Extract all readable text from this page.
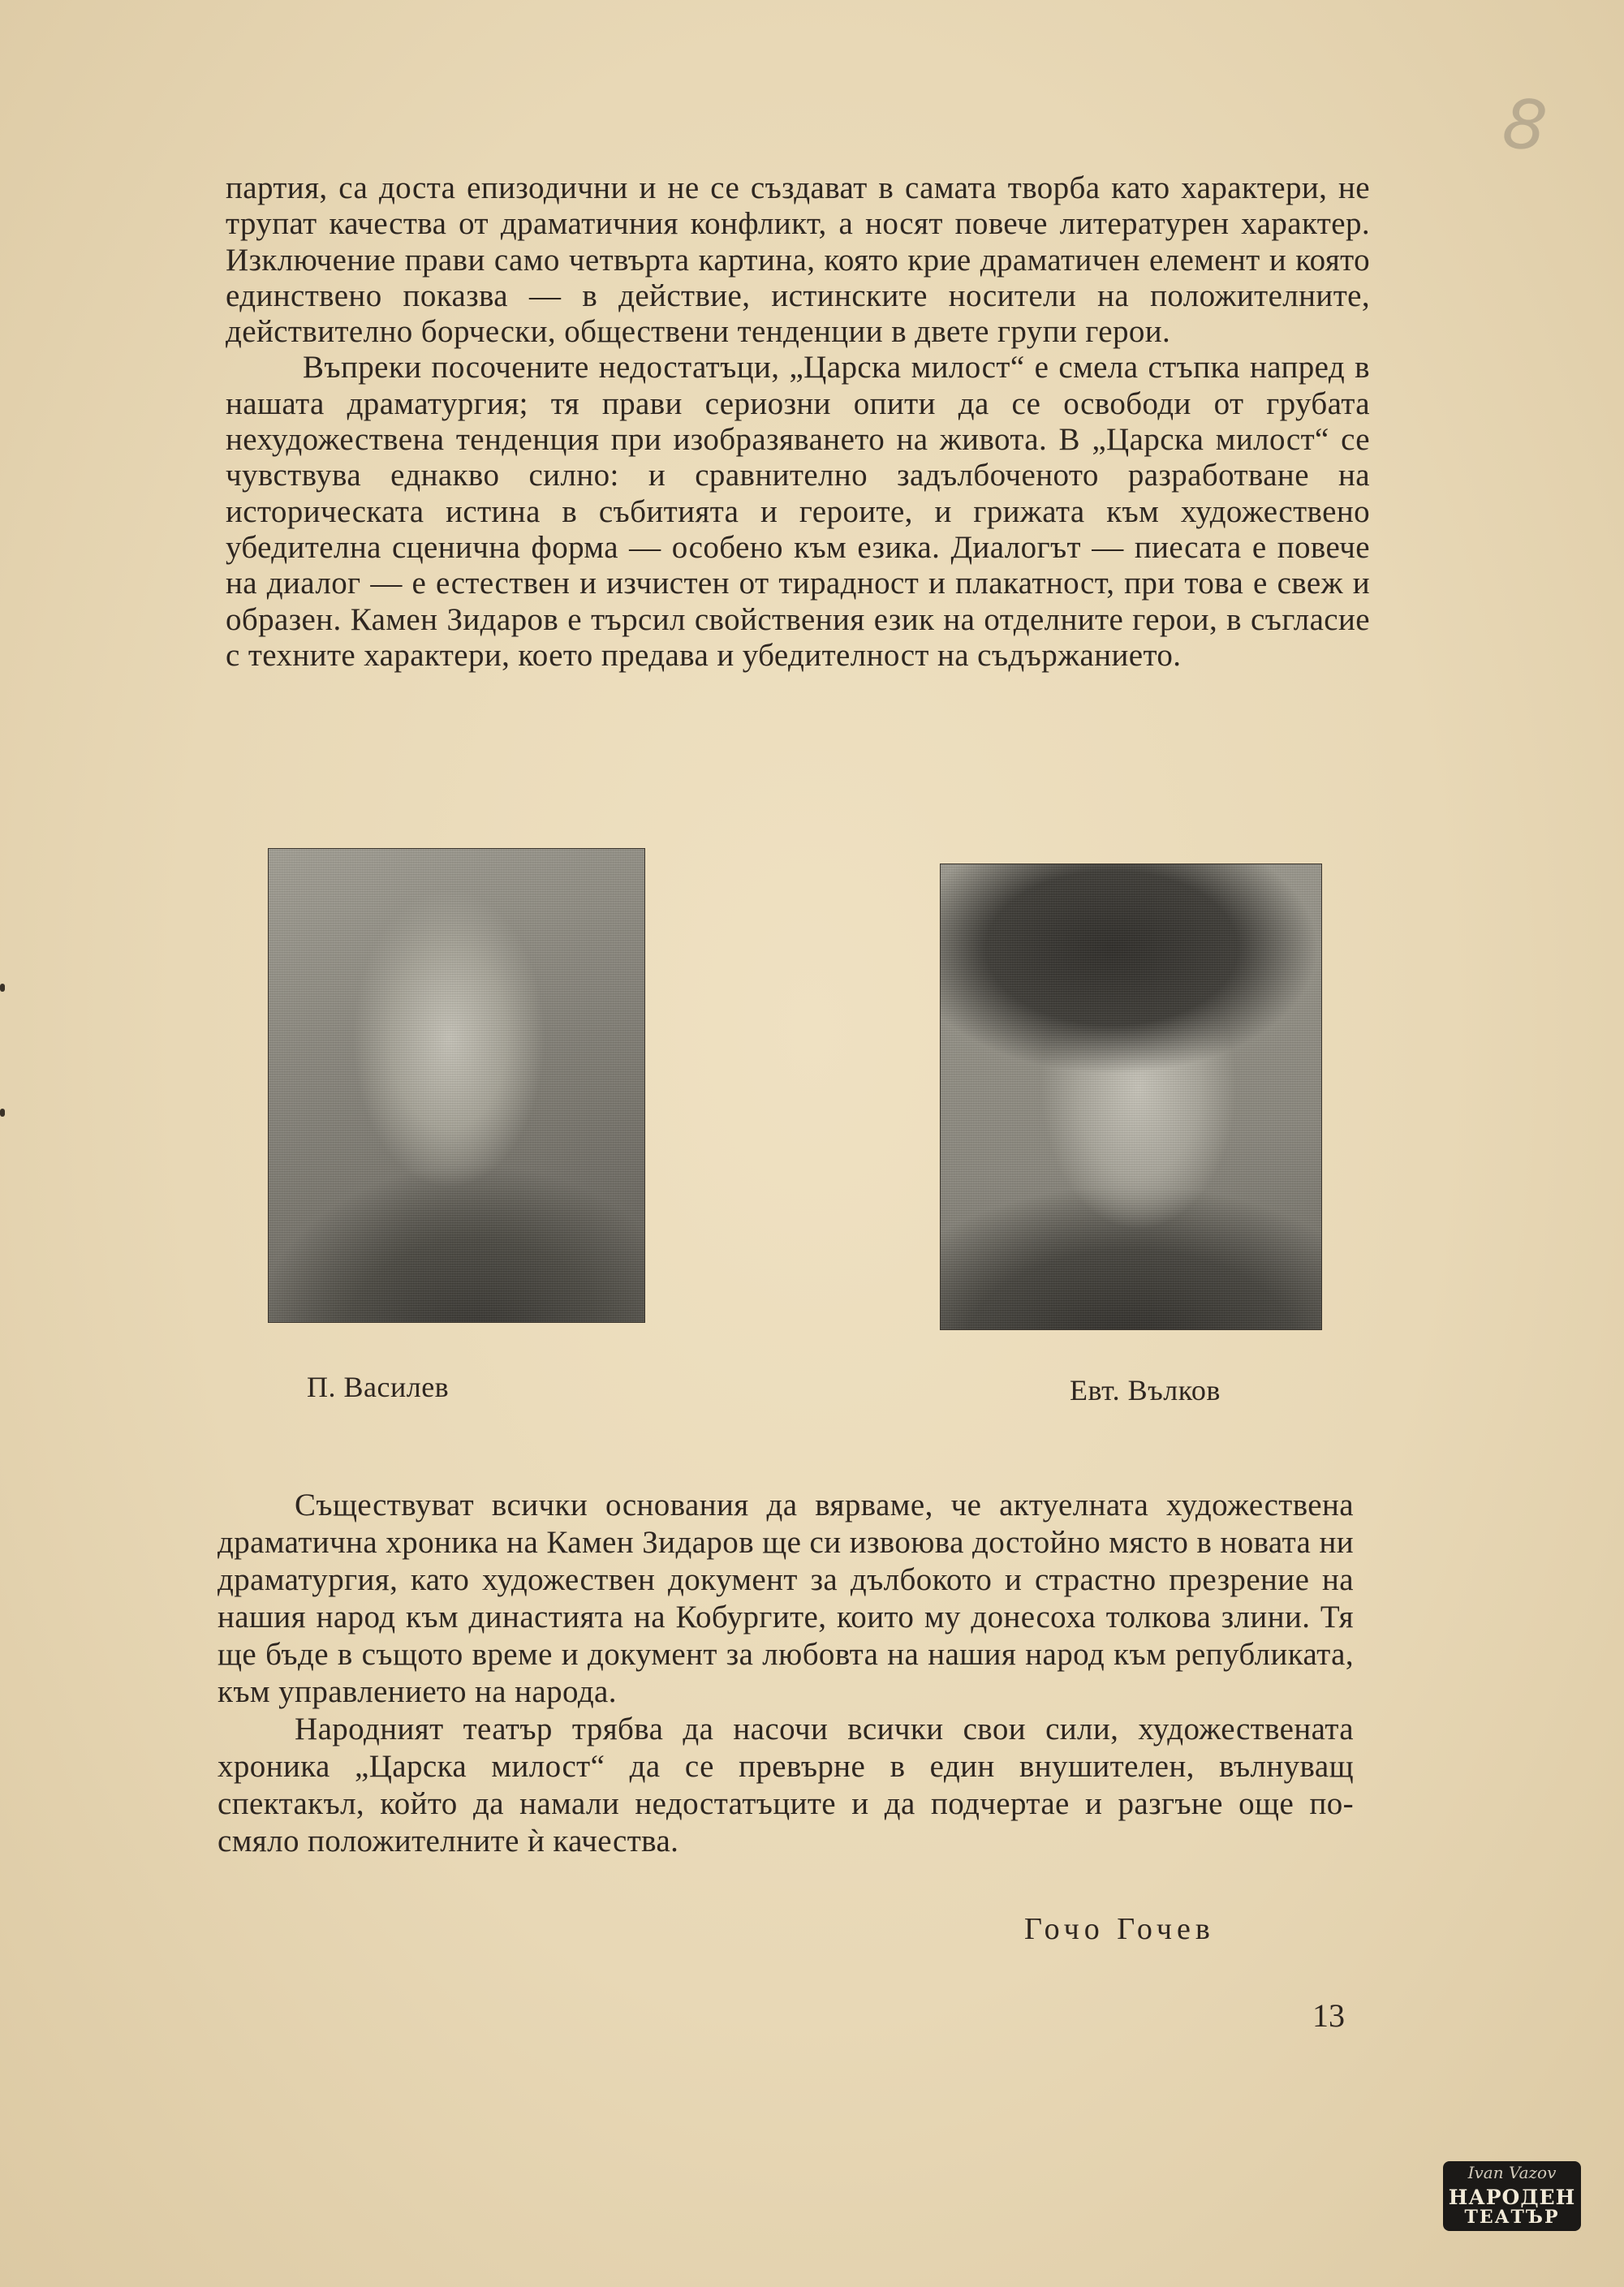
8

партия, са доста епизодични и не се създават в самата творба като характери, не трупат качества от драматичния конфликт, а носят повече литературен характер. Изключение прави само четвърта картина, която крие драматичен елемент и която единствено показва — в действие, истинските носители на положителните, действително борчески, обществени тенденции в двете групи герои.

Въпреки посочените недостатъци, „Царска милост“ е смела стъпка напред в нашата драматургия; тя прави сериозни опити да се освободи от грубата нехудожествена тенденция при изобразяването на живота. В „Царска милост“ се чувствува еднакво силно: и сравнително задълбоченото разработване на историческата истина в събитията и героите, и грижата към художествено убедителна сценична форма — особено към езика. Диалогът — пиесата е повече на диалог — е естествен и изчистен от тираднoст и плакатност, при това е свеж и образен. Камен Зидаров е търсил свойствения език на отделните герои, в съгласие с техните характери, което предава и убедителност на съдържанието.

П. Василев	Евт. Вълков

Съществуват всички основания да вярваме, че актуелната художествена драматична хроника на Камен Зидаров ще си извоюва достойно място в новата ни драматургия, като художествен документ за дълбокото и страстно презрение на нашия народ към династията на Кобургите, които му донесоха толкова злини. Тя ще бъде в същото време и документ за любовта на нашия народ към републиката, към управлението на народа.

Народният театър трябва да насочи всички свои сили, художествената хроника „Царска милост“ да се превърне в един внушителен, вълнуващ спектакъл, който да намали недостатъците и да подчертае и разгъне още по-смяло положителните ѝ качества.

Гочо Гочев
13
Ivan Vazov
НАРОДЕН
ТЕАТЪР
